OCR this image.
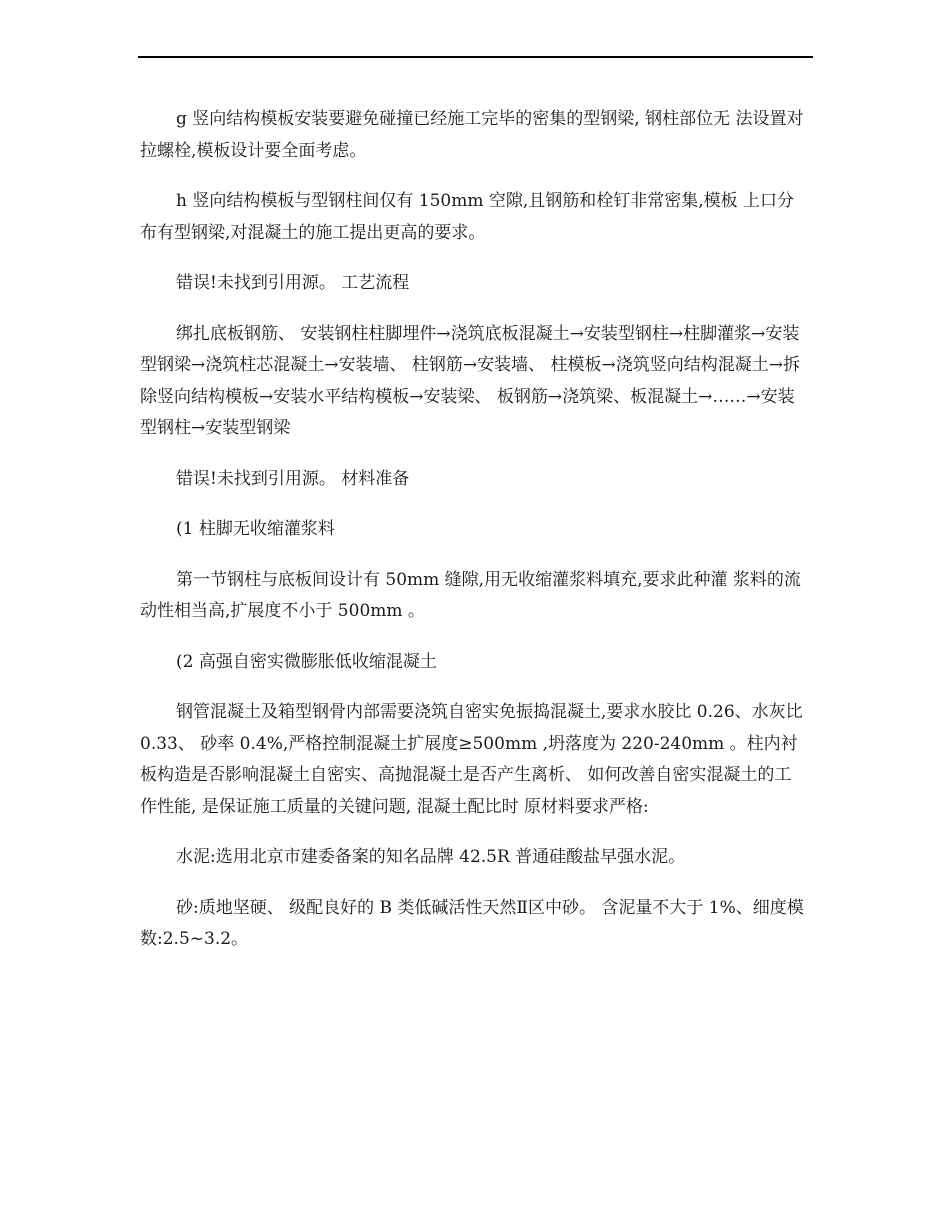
g 竖向结构模板安装要避免碰撞已经施工完毕的密集的型钢梁, 钢柱部位无 法设置对拉螺栓,模板设计要全面考虑。

h 竖向结构模板与型钢柱间仅有 150mm 空隙,且钢筋和栓钉非常密集,模板 上口分布有型钢梁,对混凝土的施工提出更高的要求。

错误!未找到引用源。 工艺流程

绑扎底板钢筋、 安装钢柱柱脚埋件→浇筑底板混凝土→安装型钢柱→柱脚灌浆→安装型钢梁→浇筑柱芯混凝土→安装墙、 柱钢筋→安装墙、 柱模板→浇筑竖向结构混凝土→拆除竖向结构模板→安装水平结构模板→安装梁、 板钢筋→浇筑梁、板混凝土→……→安装型钢柱→安装型钢梁

错误!未找到引用源。 材料准备

(1 柱脚无收缩灌浆料

第一节钢柱与底板间设计有 50mm 缝隙,用无收缩灌浆料填充,要求此种灌 浆料的流动性相当高,扩展度不小于 500mm 。

(2 高强自密实微膨胀低收缩混凝土

钢管混凝土及箱型钢骨内部需要浇筑自密实免振捣混凝土,要求水胶比 0.26、水灰比 0.33、 砂率 0.4%,严格控制混凝土扩展度≥500mm ,坍落度为 220-240mm 。柱内衬板构造是否影响混凝土自密实、高抛混凝土是否产生离析、 如何改善自密实混凝土的工作性能, 是保证施工质量的关键问题, 混凝土配比时 原材料要求严格:

水泥:选用北京市建委备案的知名品牌 42.5R 普通硅酸盐早强水泥。

砂:质地坚硬、 级配良好的 B 类低碱活性天然Ⅱ区中砂。 含泥量不大于 1%、细度模数:2.5~3.2。
